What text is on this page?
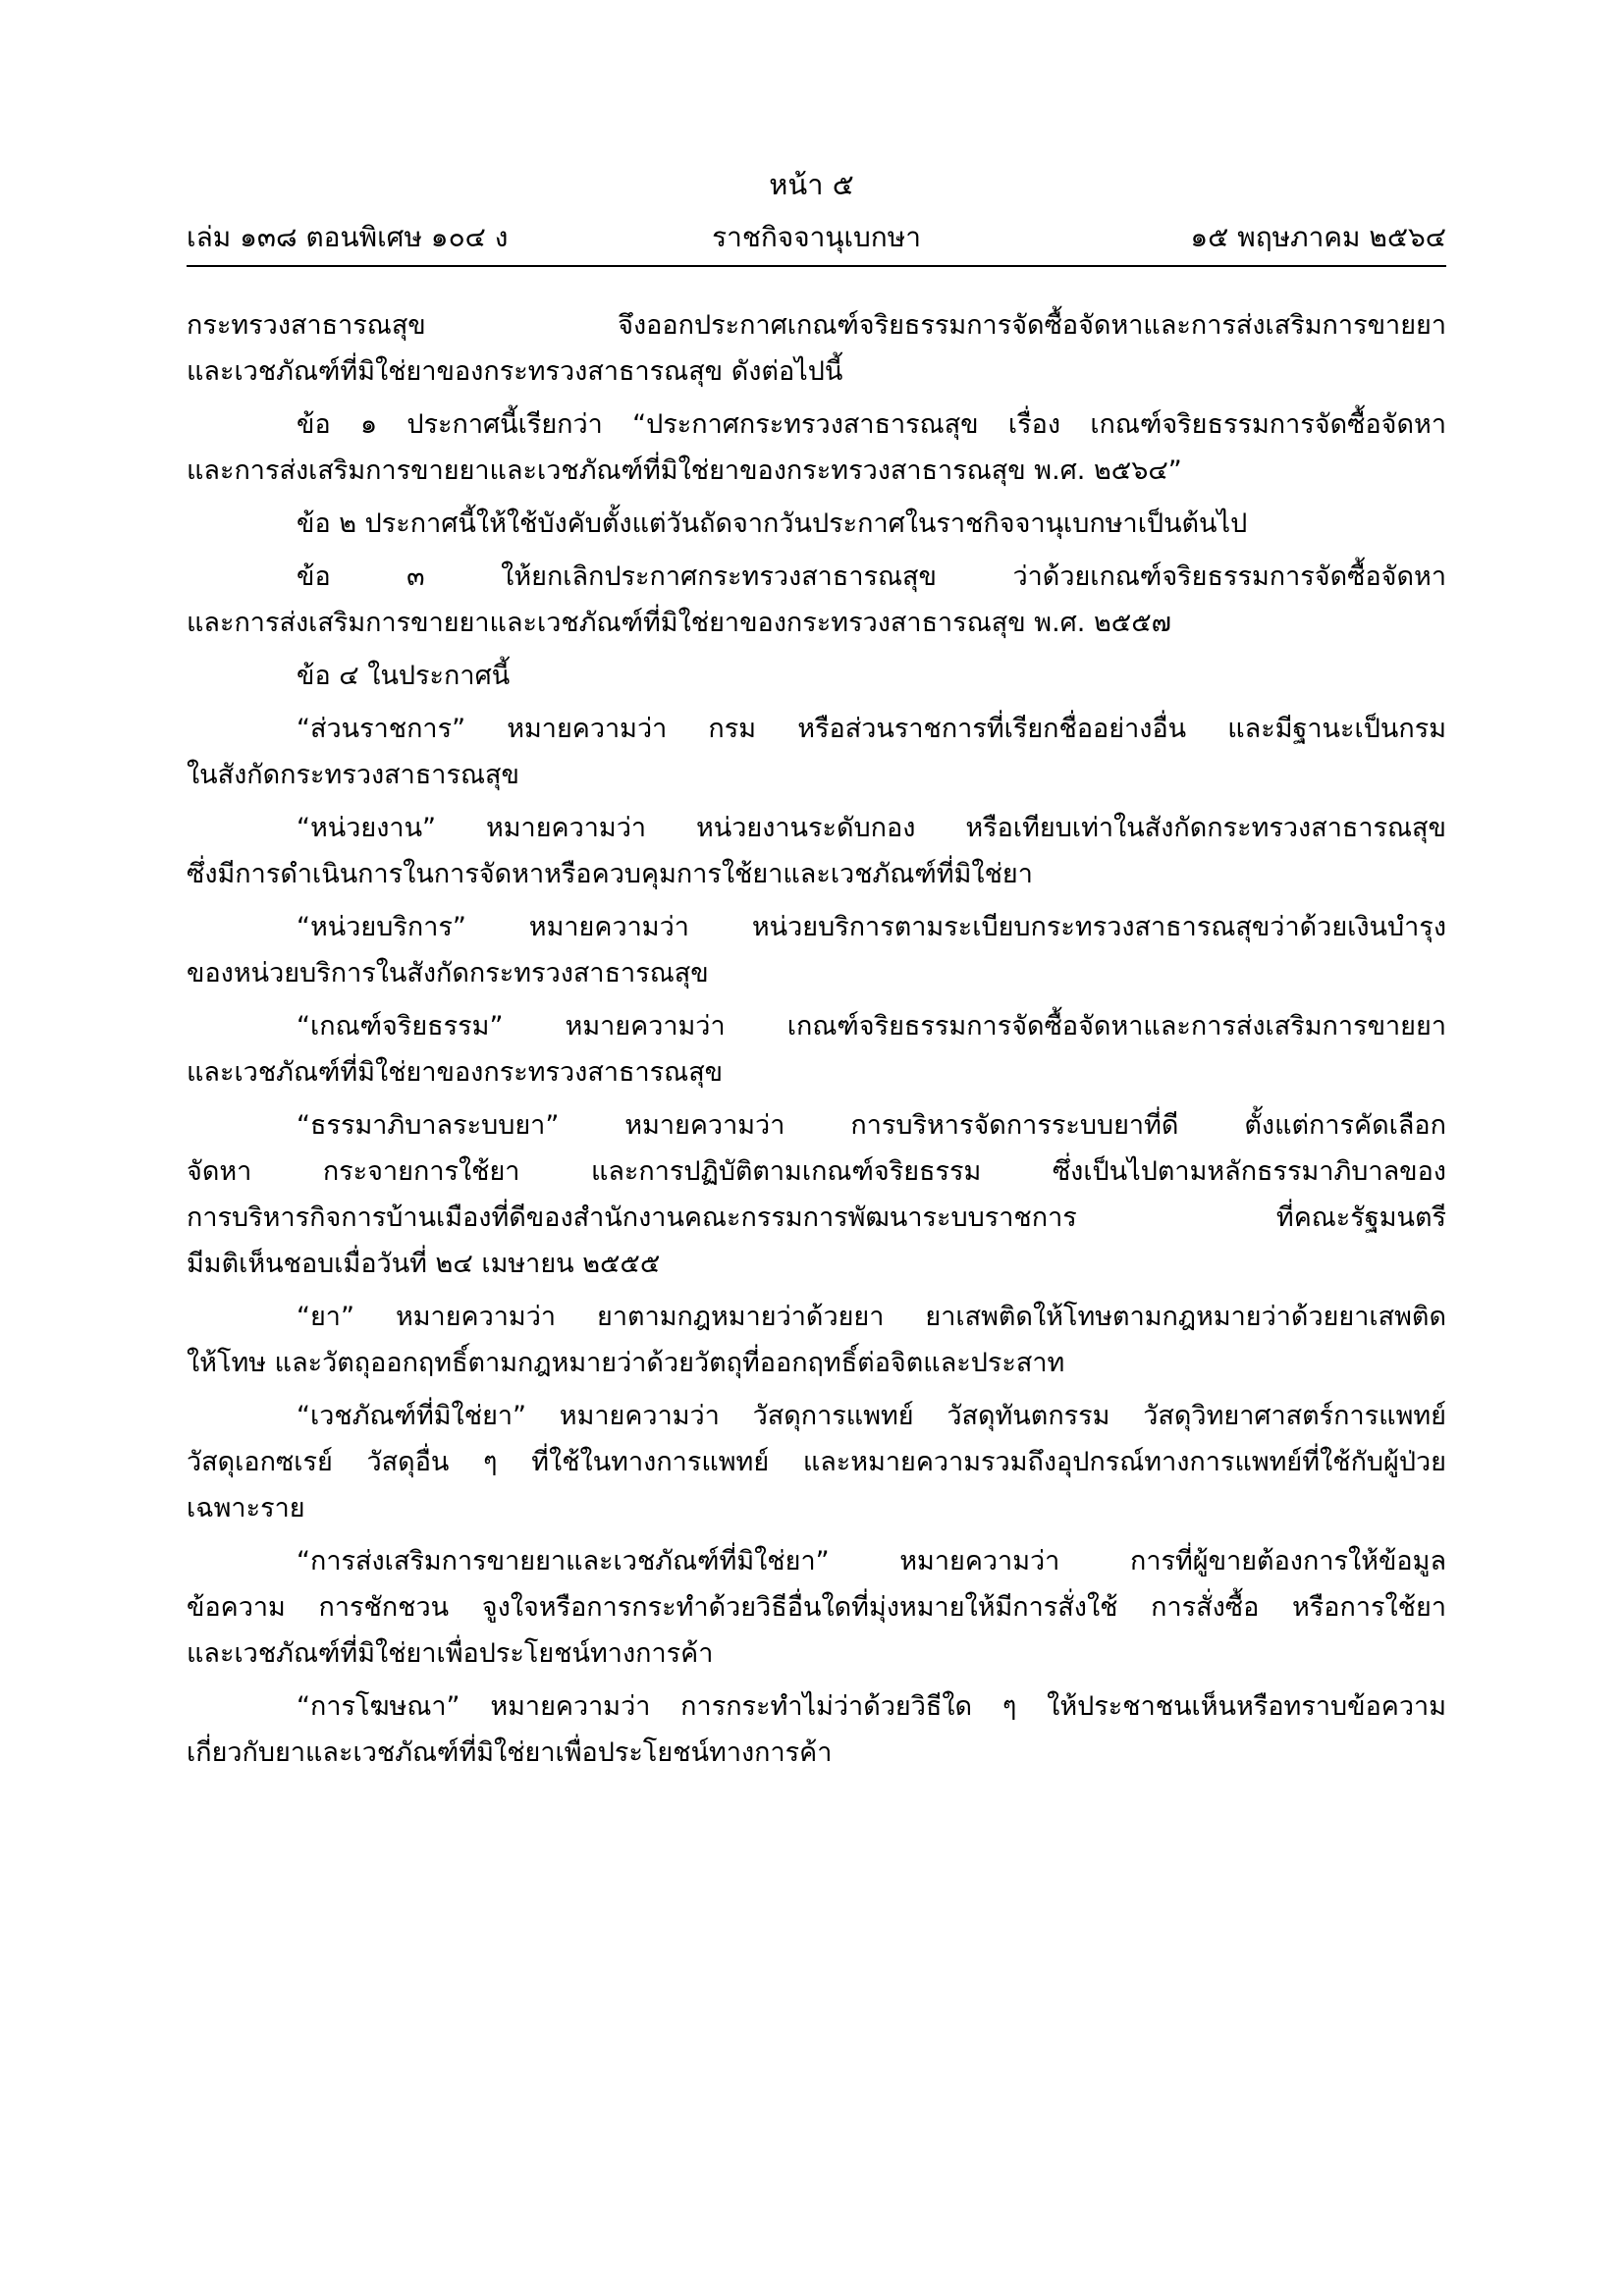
หน้า ๕
เล่ม ๑๓๘ ตอนพิเศษ ๑๐๔ ง	ราชกิจจานุเบกษา	๑๕ พฤษภาคม ๒๕๖๔
กระทรวงสาธารณสุข จึงออกประกาศเกณฑ์จริยธรรมการจัดซื้อจัดหาและการส่งเสริมการขายยา
และเวชภัณฑ์ที่มิใช่ยาของกระทรวงสาธารณสุข ดังต่อไปนี้
ข้อ ๑ ประกาศนี้เรียกว่า “ประกาศกระทรวงสาธารณสุข เรื่อง เกณฑ์จริยธรรมการจัดซื้อจัดหา
และการส่งเสริมการขายยาและเวชภัณฑ์ที่มิใช่ยาของกระทรวงสาธารณสุข พ.ศ. ๒๕๖๔”
ข้อ ๒ ประกาศนี้ให้ใช้บังคับตั้งแต่วันถัดจากวันประกาศในราชกิจจานุเบกษาเป็นต้นไป
ข้อ ๓ ให้ยกเลิกประกาศกระทรวงสาธารณสุข ว่าด้วยเกณฑ์จริยธรรมการจัดซื้อจัดหา
และการส่งเสริมการขายยาและเวชภัณฑ์ที่มิใช่ยาของกระทรวงสาธารณสุข พ.ศ. ๒๕๕๗
ข้อ ๔ ในประกาศนี้
“ส่วนราชการ” หมายความว่า กรม หรือส่วนราชการที่เรียกชื่ออย่างอื่น และมีฐานะเป็นกรม
ในสังกัดกระทรวงสาธารณสุข
“หน่วยงาน” หมายความว่า หน่วยงานระดับกอง หรือเทียบเท่าในสังกัดกระทรวงสาธารณสุข
ซึ่งมีการดำเนินการในการจัดหาหรือควบคุมการใช้ยาและเวชภัณฑ์ที่มิใช่ยา
“หน่วยบริการ” หมายความว่า หน่วยบริการตามระเบียบกระทรวงสาธารณสุขว่าด้วยเงินบำรุง
ของหน่วยบริการในสังกัดกระทรวงสาธารณสุข
“เกณฑ์จริยธรรม” หมายความว่า เกณฑ์จริยธรรมการจัดซื้อจัดหาและการส่งเสริมการขายยา
และเวชภัณฑ์ที่มิใช่ยาของกระทรวงสาธารณสุข
“ธรรมาภิบาลระบบยา” หมายความว่า การบริหารจัดการระบบยาที่ดี ตั้งแต่การคัดเลือก
จัดหา กระจายการใช้ยา และการปฏิบัติตามเกณฑ์จริยธรรม ซึ่งเป็นไปตามหลักธรรมาภิบาลของ
การบริหารกิจการบ้านเมืองที่ดีของสำนักงานคณะกรรมการพัฒนาระบบราชการ ที่คณะรัฐมนตรี
มีมติเห็นชอบเมื่อวันที่ ๒๔ เมษายน ๒๕๕๕
“ยา” หมายความว่า ยาตามกฎหมายว่าด้วยยา ยาเสพติดให้โทษตามกฎหมายว่าด้วยยาเสพติด
ให้โทษ และวัตถุออกฤทธิ์ตามกฎหมายว่าด้วยวัตถุที่ออกฤทธิ์ต่อจิตและประสาท
“เวชภัณฑ์ที่มิใช่ยา” หมายความว่า วัสดุการแพทย์ วัสดุทันตกรรม วัสดุวิทยาศาสตร์การแพทย์
วัสดุเอกซเรย์ วัสดุอื่น ๆ ที่ใช้ในทางการแพทย์ และหมายความรวมถึงอุปกรณ์ทางการแพทย์ที่ใช้กับผู้ป่วย
เฉพาะราย
“การส่งเสริมการขายยาและเวชภัณฑ์ที่มิใช่ยา” หมายความว่า การที่ผู้ขายต้องการให้ข้อมูล
ข้อความ การชักชวน จูงใจหรือการกระทำด้วยวิธีอื่นใดที่มุ่งหมายให้มีการสั่งใช้ การสั่งซื้อ หรือการใช้ยา
และเวชภัณฑ์ที่มิใช่ยาเพื่อประโยชน์ทางการค้า
“การโฆษณา” หมายความว่า การกระทำไม่ว่าด้วยวิธีใด ๆ ให้ประชาชนเห็นหรือทราบข้อความ
เกี่ยวกับยาและเวชภัณฑ์ที่มิใช่ยาเพื่อประโยชน์ทางการค้า
